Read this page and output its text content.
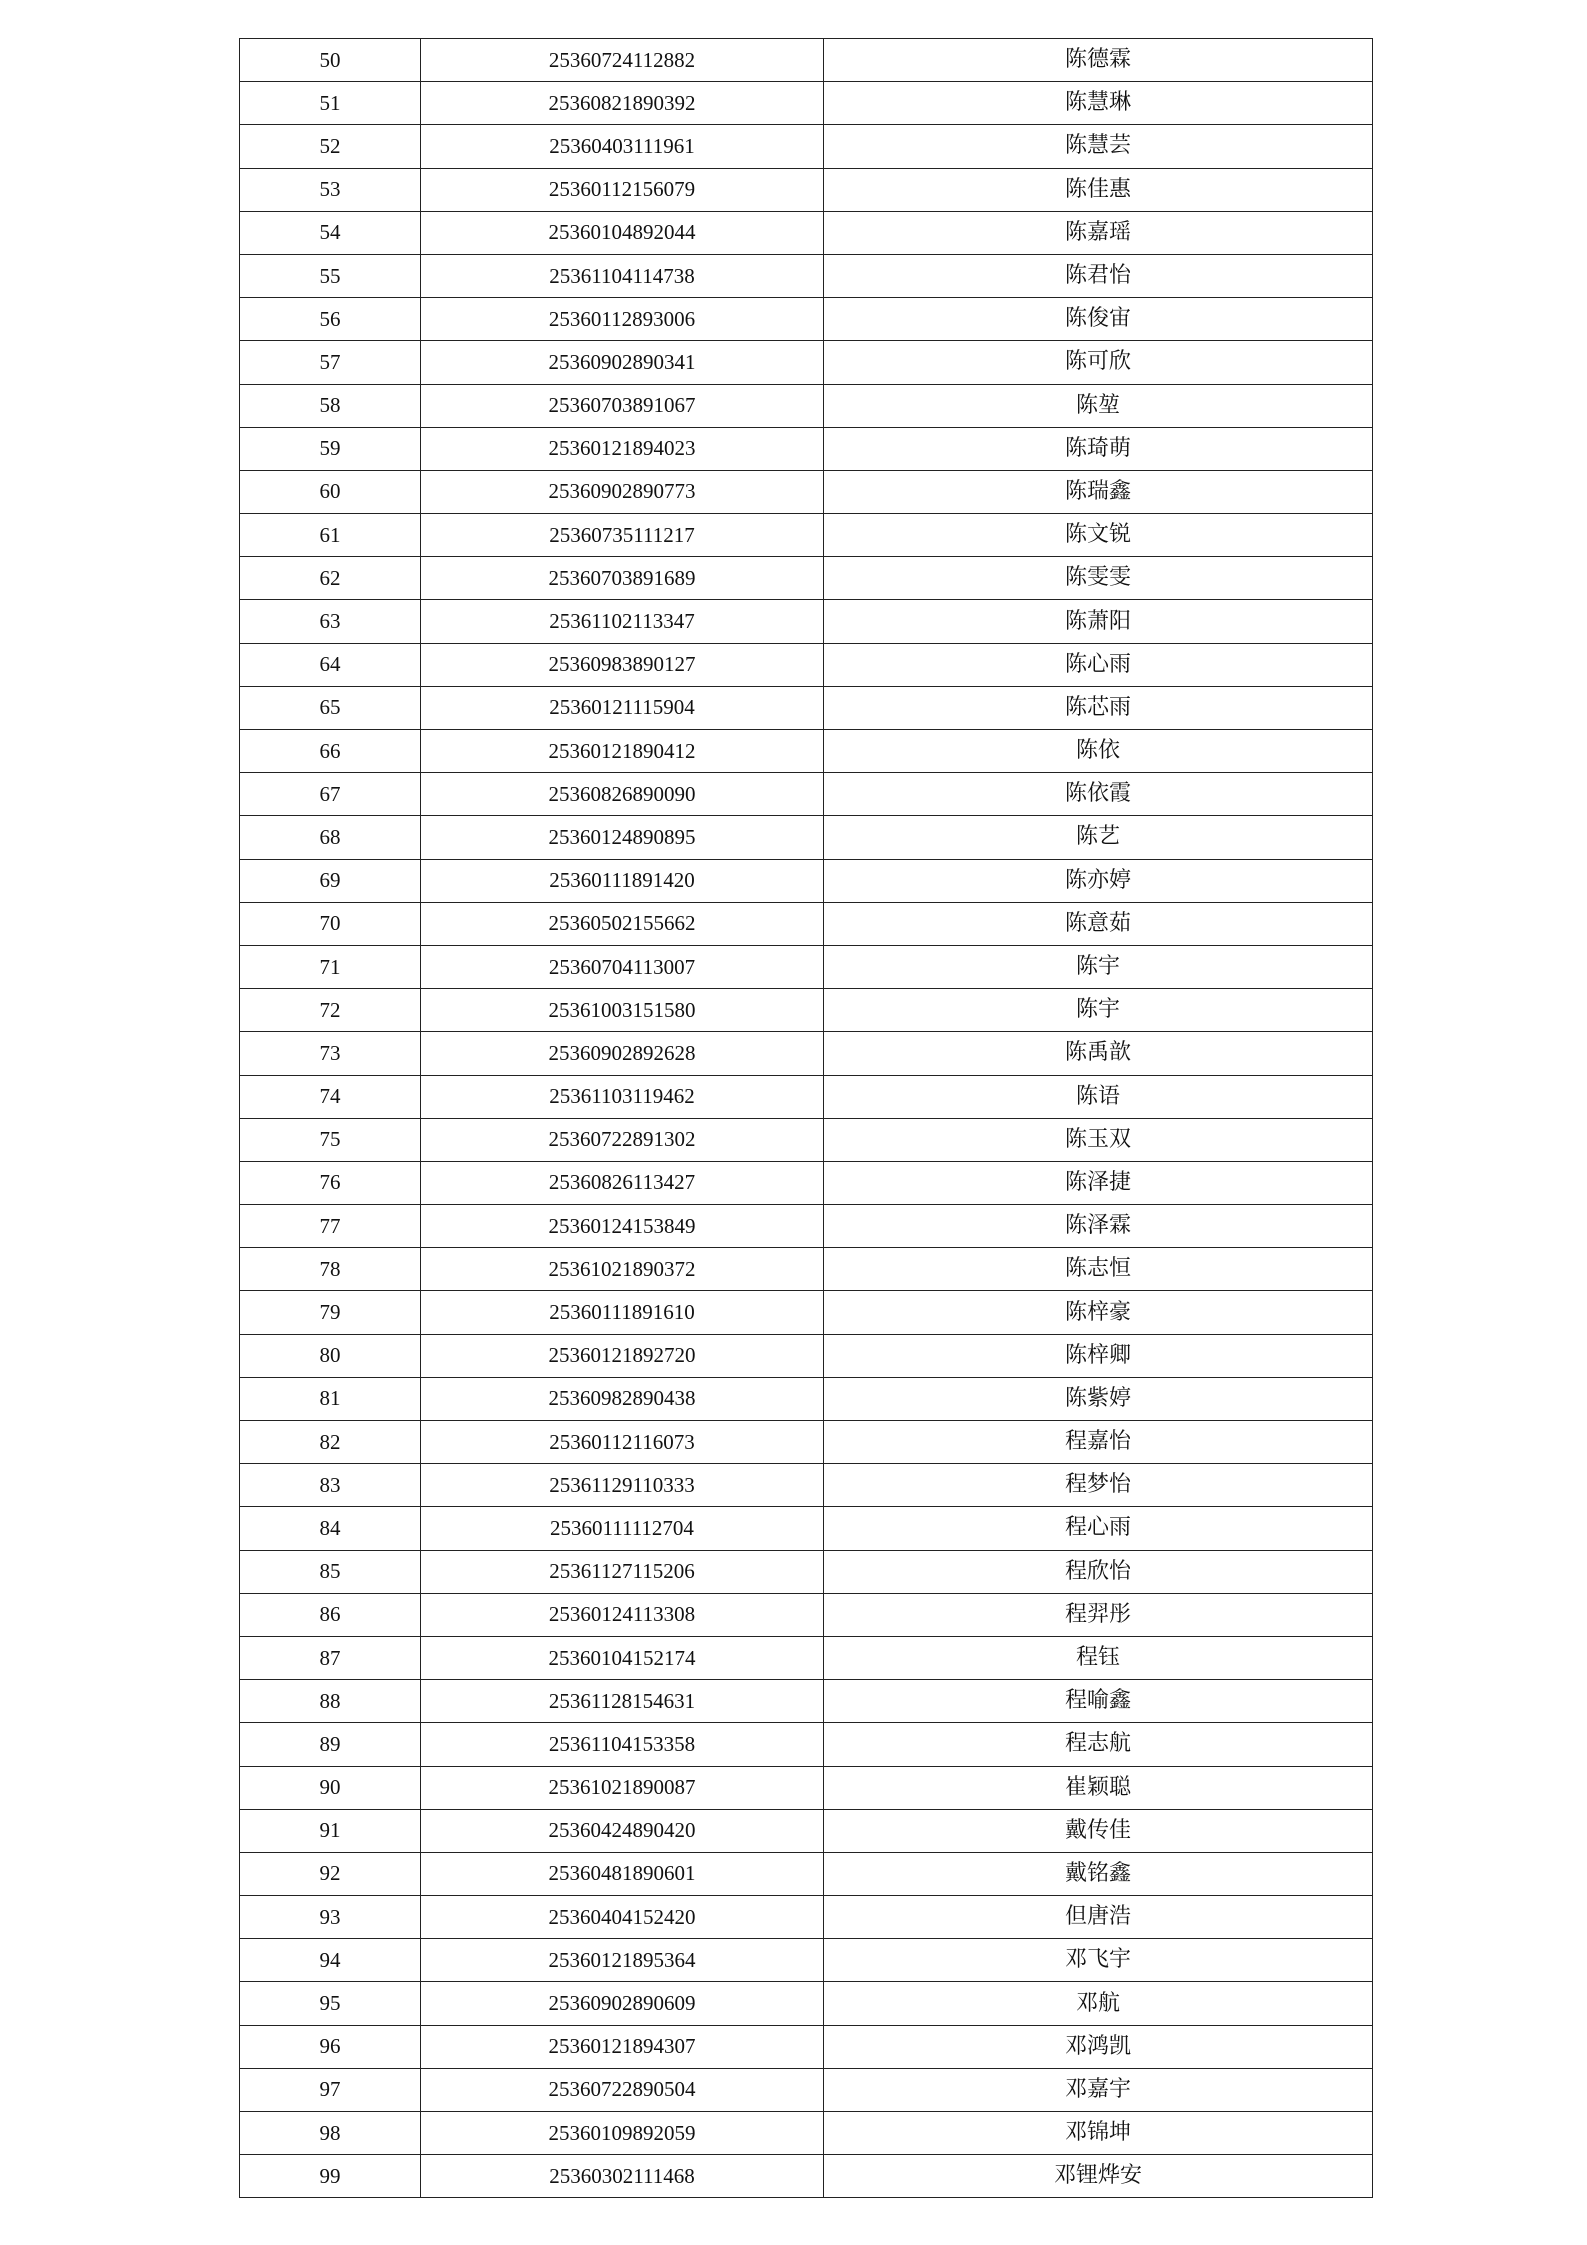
50	25360724112882	陈德霖
51	25360821890392	陈慧琳
52	25360403111961	陈慧芸
53	25360112156079	陈佳惠
54	25360104892044	陈嘉瑶
55	25361104114738	陈君怡
56	25360112893006	陈俊宙
57	25360902890341	陈可欣
58	25360703891067	陈堃
59	25360121894023	陈琦萌
60	25360902890773	陈瑞鑫
61	25360735111217	陈文锐
62	25360703891689	陈雯雯
63	25361102113347	陈萧阳
64	25360983890127	陈心雨
65	25360121115904	陈芯雨
66	25360121890412	陈依
67	25360826890090	陈依霞
68	25360124890895	陈艺
69	25360111891420	陈亦婷
70	25360502155662	陈意茹
71	25360704113007	陈宇
72	25361003151580	陈宇
73	25360902892628	陈禹歆
74	25361103119462	陈语
75	25360722891302	陈玉双
76	25360826113427	陈泽捷
77	25360124153849	陈泽霖
78	25361021890372	陈志恒
79	25360111891610	陈梓豪
80	25360121892720	陈梓卿
81	25360982890438	陈紫婷
82	25360112116073	程嘉怡
83	25361129110333	程梦怡
84	25360111112704	程心雨
85	25361127115206	程欣怡
86	25360124113308	程羿彤
87	25360104152174	程钰
88	25361128154631	程喻鑫
89	25361104153358	程志航
90	25361021890087	崔颖聪
91	25360424890420	戴传佳
92	25360481890601	戴铭鑫
93	25360404152420	但唐浩
94	25360121895364	邓飞宇
95	25360902890609	邓航
96	25360121894307	邓鸿凯
97	25360722890504	邓嘉宇
98	25360109892059	邓锦坤
99	25360302111468	邓锂烨安
